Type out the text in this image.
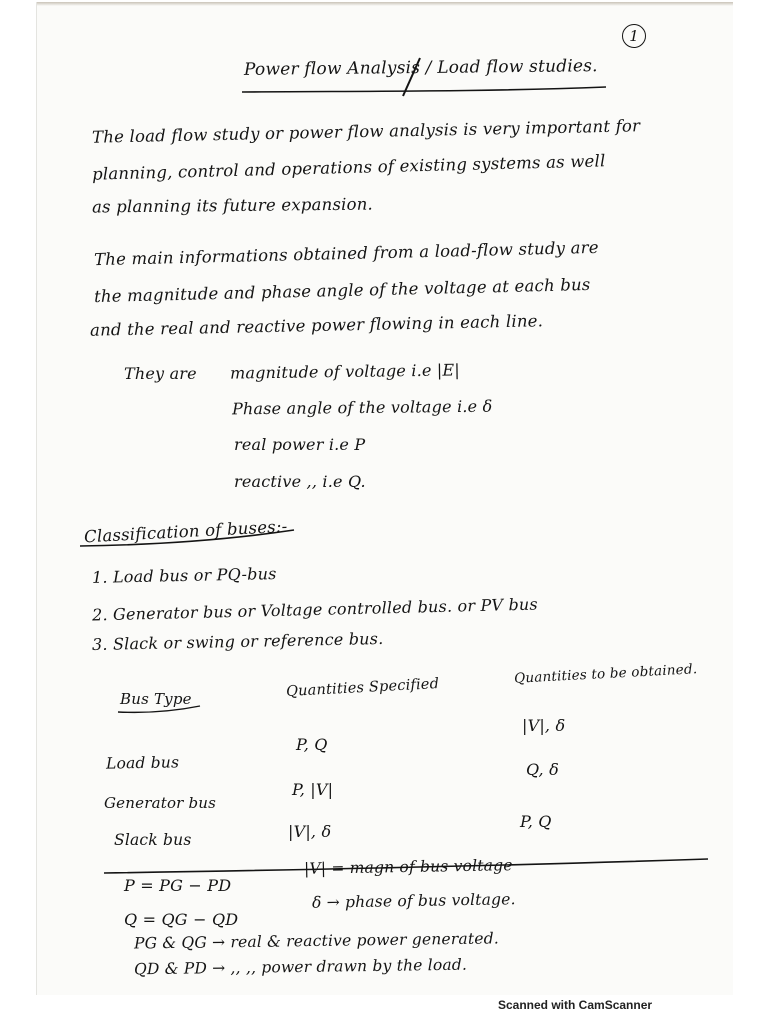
1
Power flow Analysis / Load flow studies.
The load flow study or power flow analysis is very important for
planning, control and operations of existing systems as well
as planning its future expansion.
The main informations obtained from a load-flow study are
the magnitude and phase angle of the voltage at each bus
and the real and reactive power flowing in each line.
They are magnitude of voltage i.e |E|
Phase angle of the voltage i.e δ
real power i.e P
reactive ,, i.e Q.
Classification of buses:-
1. Load bus or PQ-bus
2. Generator bus or Voltage controlled bus. or PV bus
3. Slack or swing or reference bus.
Bus Type	Quantities Specified
Quantities to be obtained.
|V|, δ
Load bus
P, Q
Q, δ
Generator bus
P, |V|
Slack bus	|V|, δ
P, Q
P = PG − PD
Q = QG − QD
|V| = magn of bus voltage
δ → phase of bus voltage.
PG & QG → real & reactive power generated.
QD & PD → ,, ,, power drawn by the load.
Scanned with CamScanner
